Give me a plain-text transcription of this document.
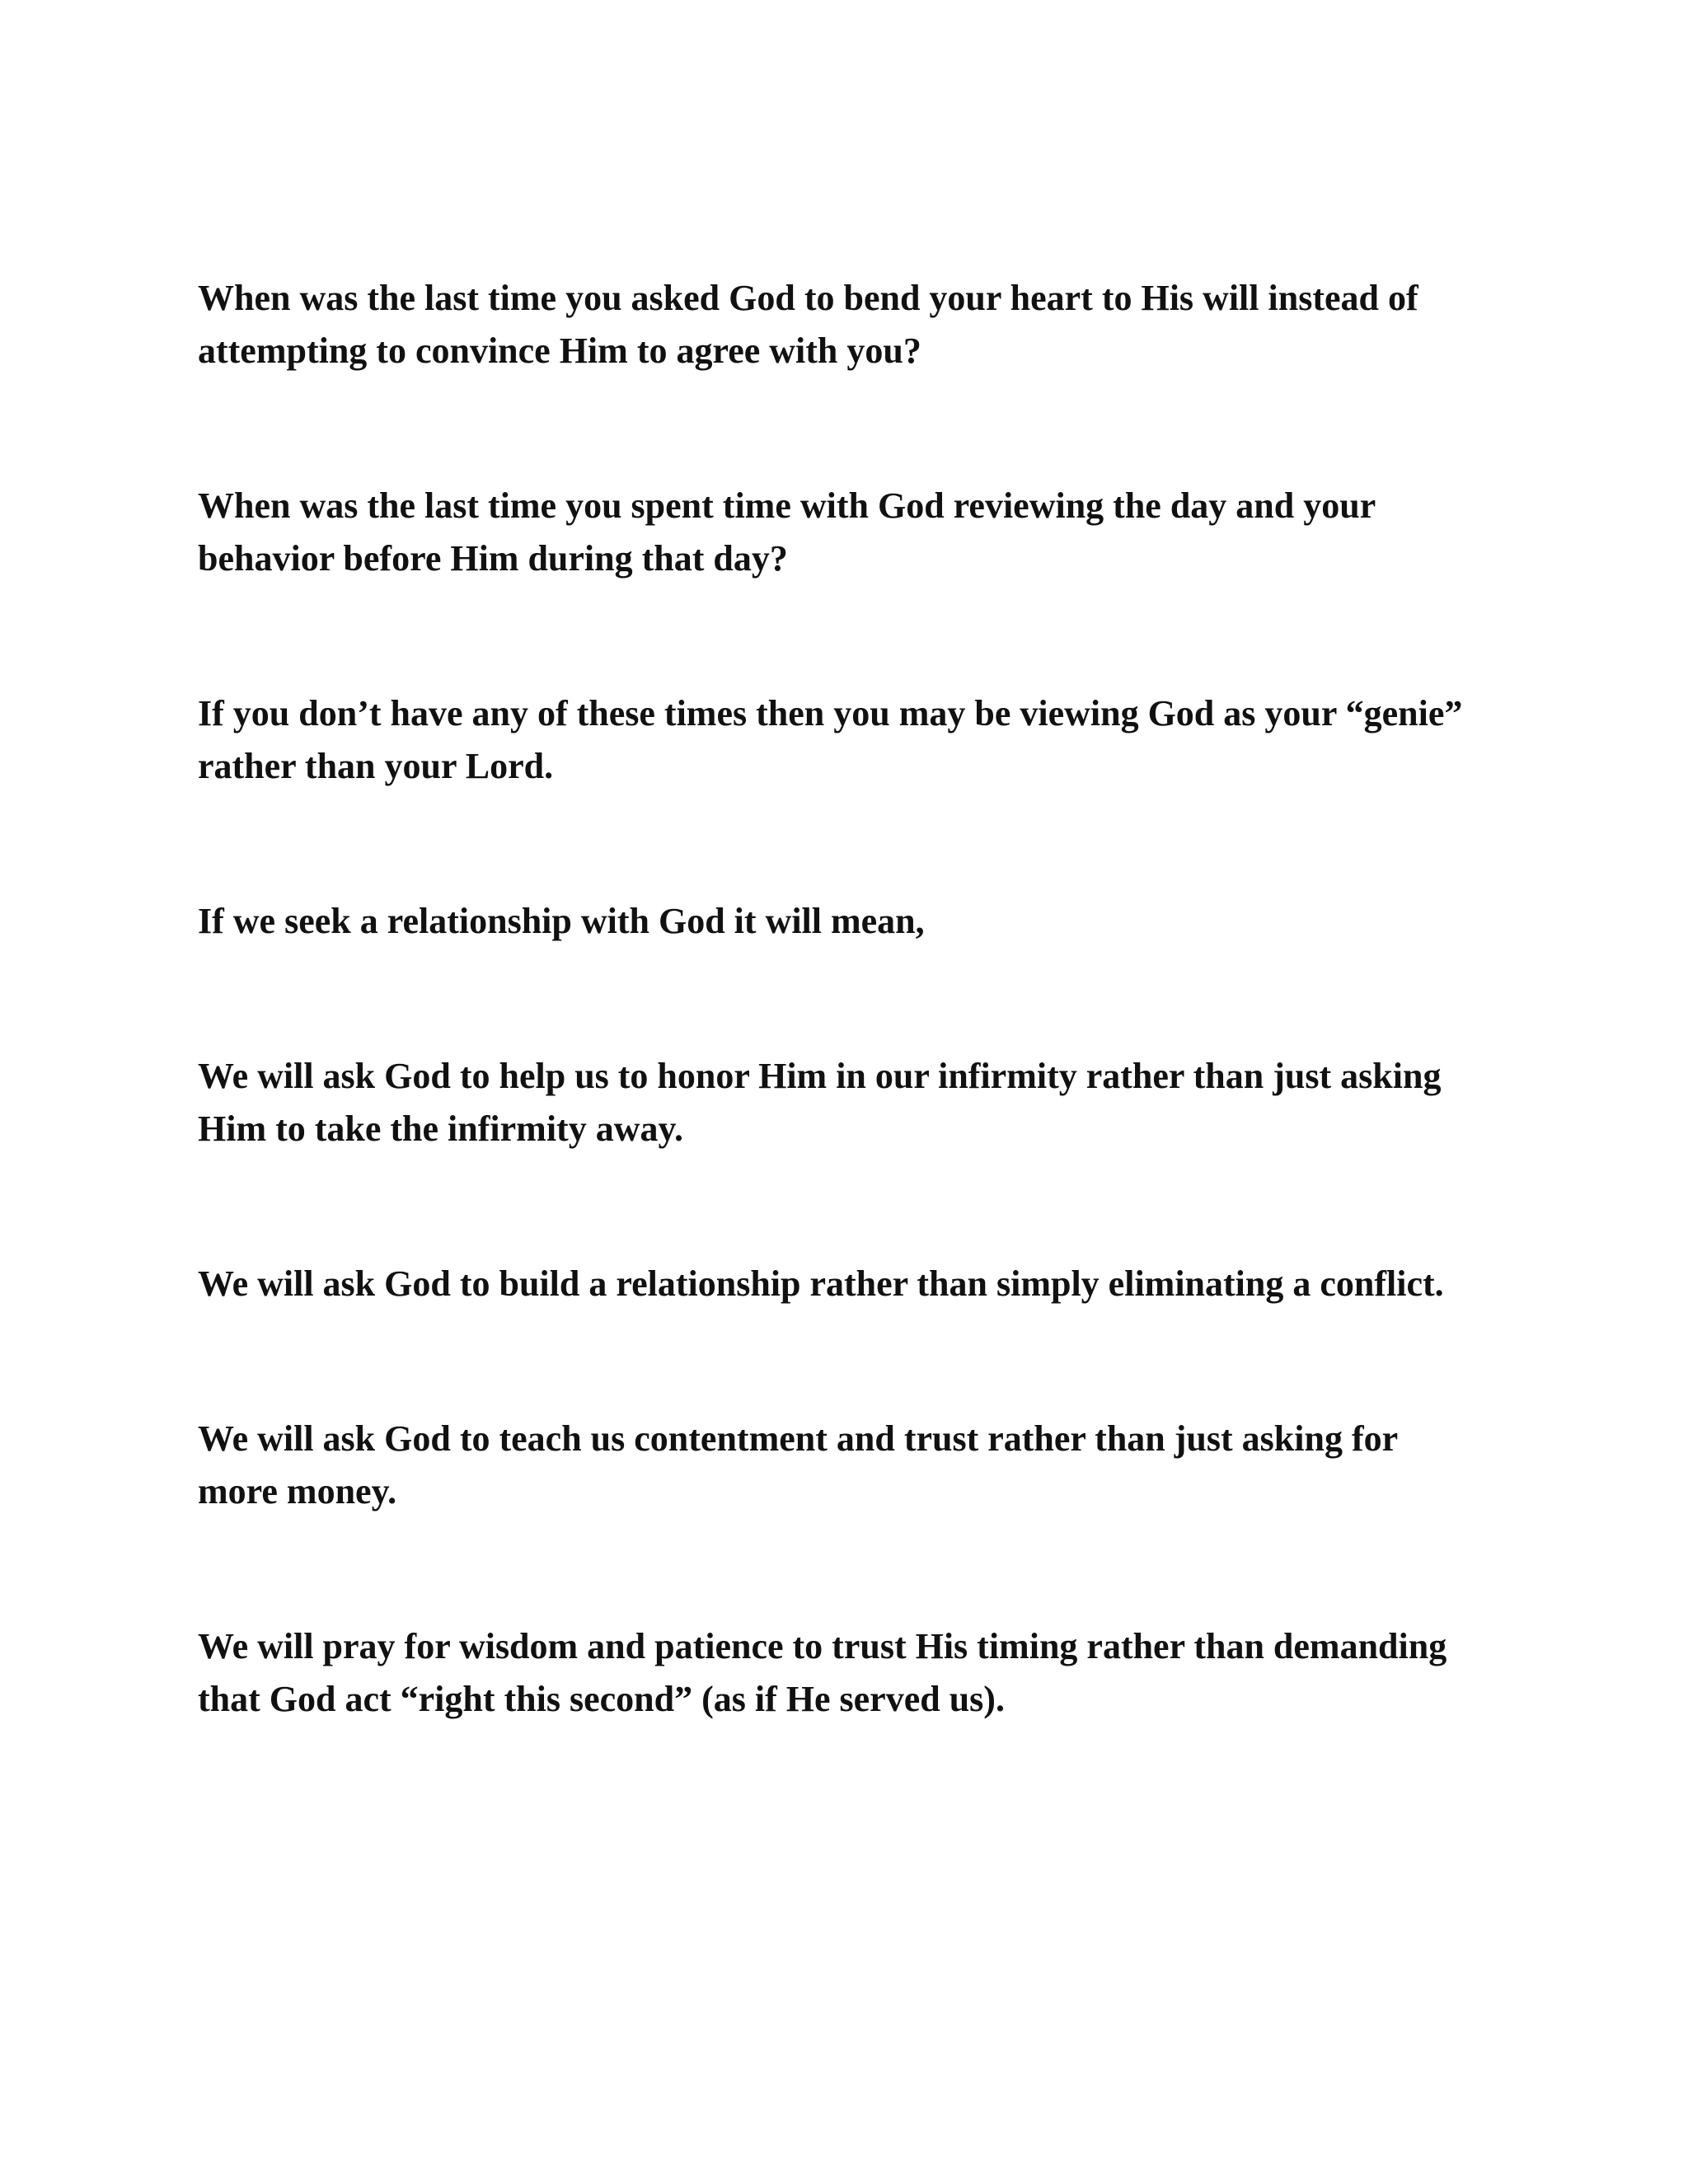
When was the last time you asked God to bend your heart to His will instead of attempting to convince Him to agree with you?

When was the last time you spent time with God reviewing the day and your behavior before Him during that day?

If you don’t have any of these times then you may be viewing God as your “genie” rather than your Lord.

If we seek a relationship with God it will mean,

We will ask God to help us to honor Him in our infirmity rather than just asking Him to take the infirmity away.

We will ask God to build a relationship rather than simply eliminating a conflict.

We will ask God to teach us contentment and trust rather than just asking for more money.

We will pray for wisdom and patience to trust His timing rather than demanding that God act “right this second” (as if He served us).
